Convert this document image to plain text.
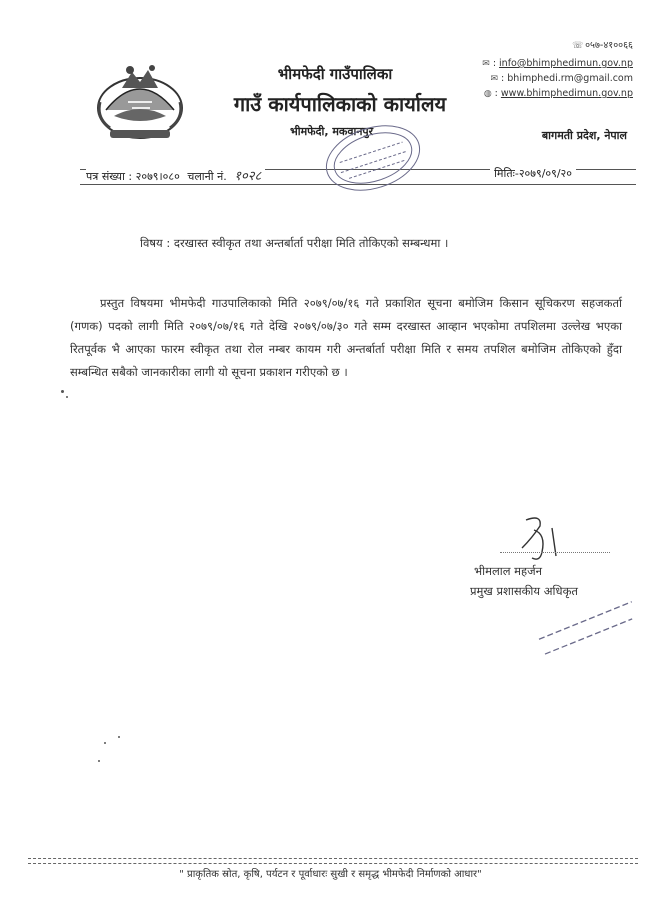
भीमफेदी गाउँपालिका
गाउँ कार्यपालिकाको कार्यालय
भीमफेदी, मकवानपुर
☏ ०५७-४१००६६
✉ : info@bhimphedimun.gov.np
✉ : bhimphedi.rm@gmail.com
◍ : www.bhimphedimun.gov.np
बागमती प्रदेश, नेपाल
पत्र संख्या : २०७९।०८० चलानी नं. १०२८	मितिः-२०७९/०९/२०
विषय : दरखास्त स्वीकृत तथा अन्तर्बार्ता परीक्षा मिति तोकिएको सम्बन्धमा ।
प्रस्तुत विषयमा भीमफेदी गाउपालिकाको मिति २०७९/०७/१६ गते प्रकाशित सूचना बमोजिम किसान सूचिकरण सहजकर्ता (गणक) पदको लागी मिति २०७९/०७/१६ गते देखि २०७९/०७/३० गते सम्म दरखास्त आव्हान भएकोमा तपशिलमा उल्लेख भएका रितपूर्वक भै आएका फारम स्वीकृत तथा रोल नम्बर कायम गरी अन्तर्बार्ता परीक्षा मिति र समय तपशिल बमोजिम तोकिएको हुँदा सम्बन्धित सबैको जानकारीका लागी यो सूचना प्रकाशन गरीएको छ ।
भीमलाल महर्जन
प्रमुख प्रशासकीय अधिकृत
" प्राकृतिक स्रोत, कृषि, पर्यटन र पूर्वाधारः सुखी र समृद्ध भीमफेदी निर्माणको आधार"
